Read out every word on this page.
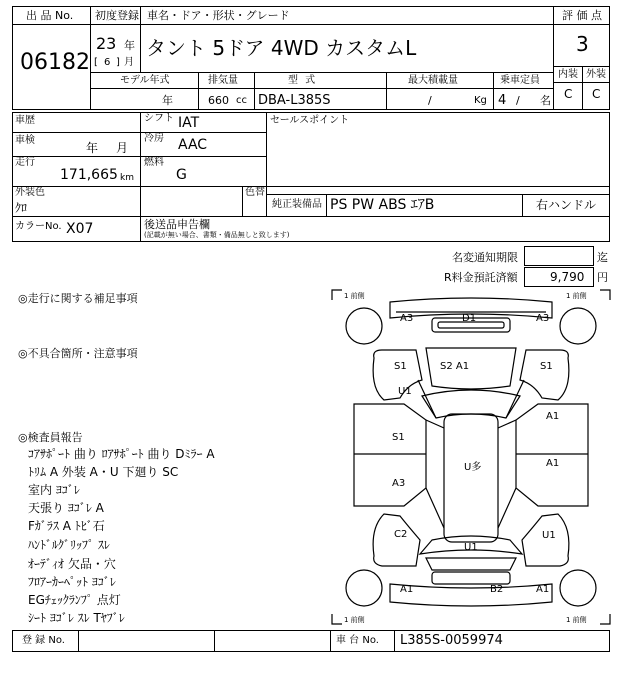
出 品 No.
06182
初度登録 車名・ドア・形状・グレード
23 年
[ 6 ] 月
タント 5ドア 4WD カスタムL
評 価 点
3
内装 外装
C C
モデル年式	排気量	型 式	最大積載量	乗車定員
年	660 cc DBA-L385S	/	Kg 4 / 名
車歴	シフト IAT
車検
年 月
冷房 AAC
走行
171,665 km
燃料
G
セールスポイント
外装色
ｸﾛ
色替
純正装備品 PS PW ABS ｴｱB	右ハンドル
カラーNo. X07	後送品申告欄
(記載が無い場合、書類・備品無しと致します)
名変通知期限	迄
R料金預託済額	9,790 円
◎走行に関する補足事項
◎不具合箇所・注意事項
◎検査員報告
ｺｱｻﾎﾟｰﾄ 曲り ﾛｱｻﾎﾟｰﾄ 曲り Dﾐﾗｰ A
ﾄﾘﾑ A 外装 A・U 下廻り SC
室内 ﾖｺﾞﾚ
天張り ﾖｺﾞﾚ A
Fｶﾞﾗｽ A ﾄﾋﾞ石
ﾊﾝﾄﾞﾙｸﾞﾘｯﾌﾟ ｽﾚ
ｵｰﾃﾞｨｵ 欠品・穴
ﾌﾛｱｰｶｰﾍﾟｯﾄ ﾖｺﾞﾚ
EGﾁｪｯｸﾗﾝﾌﾟ 点灯
ｼｰﾄ ﾖｺﾞﾚ ｽﾚ Tﾔﾌﾞﾚ
1 前側	1 前側
1 前側	1 前側
A3	D1	A3
S1	S2 A1	S1
U1
S1
A1
U多	A1
A3
C2
U1
U1
A1	B2	A1
登 録 No.	車 台 No. L385S-0059974
